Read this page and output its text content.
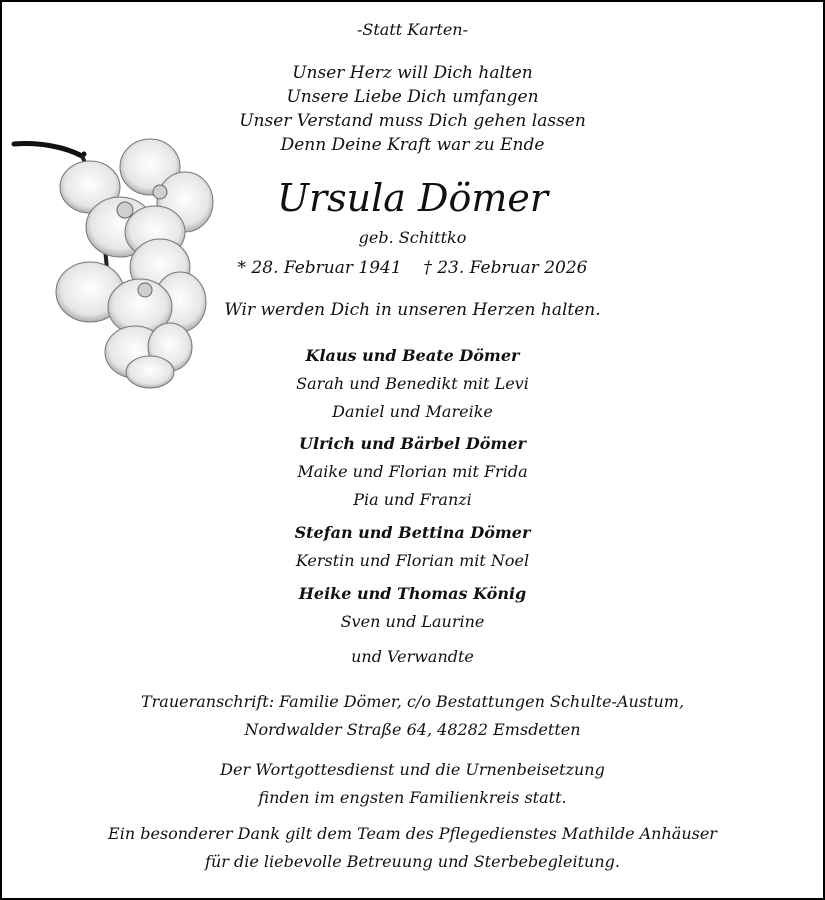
-Statt Karten-
Unser Herz will Dich halten
Unsere Liebe Dich umfangen
Unser Verstand muss Dich gehen lassen
Denn Deine Kraft war zu Ende
Ursula Dömer
geb. Schittko
* 28. Februar 1941 † 23. Februar 2026
Wir werden Dich in unseren Herzen halten.
Klaus und Beate Dömer
Sarah und Benedikt mit Levi
Daniel und Mareike
Ulrich und Bärbel Dömer
Maike und Florian mit Frida
Pia und Franzi
Stefan und Bettina Dömer
Kerstin und Florian mit Noel
Heike und Thomas König
Sven und Laurine
und Verwandte
Traueranschrift: Familie Dömer, c/o Bestattungen Schulte-Austum,
Nordwalder Straße 64, 48282 Emsdetten
Der Wortgottesdienst und die Urnenbeisetzung
finden im engsten Familienkreis statt.
Ein besonderer Dank gilt dem Team des Pflegedienstes Mathilde Anhäuser
für die liebevolle Betreuung und Sterbebegleitung.
